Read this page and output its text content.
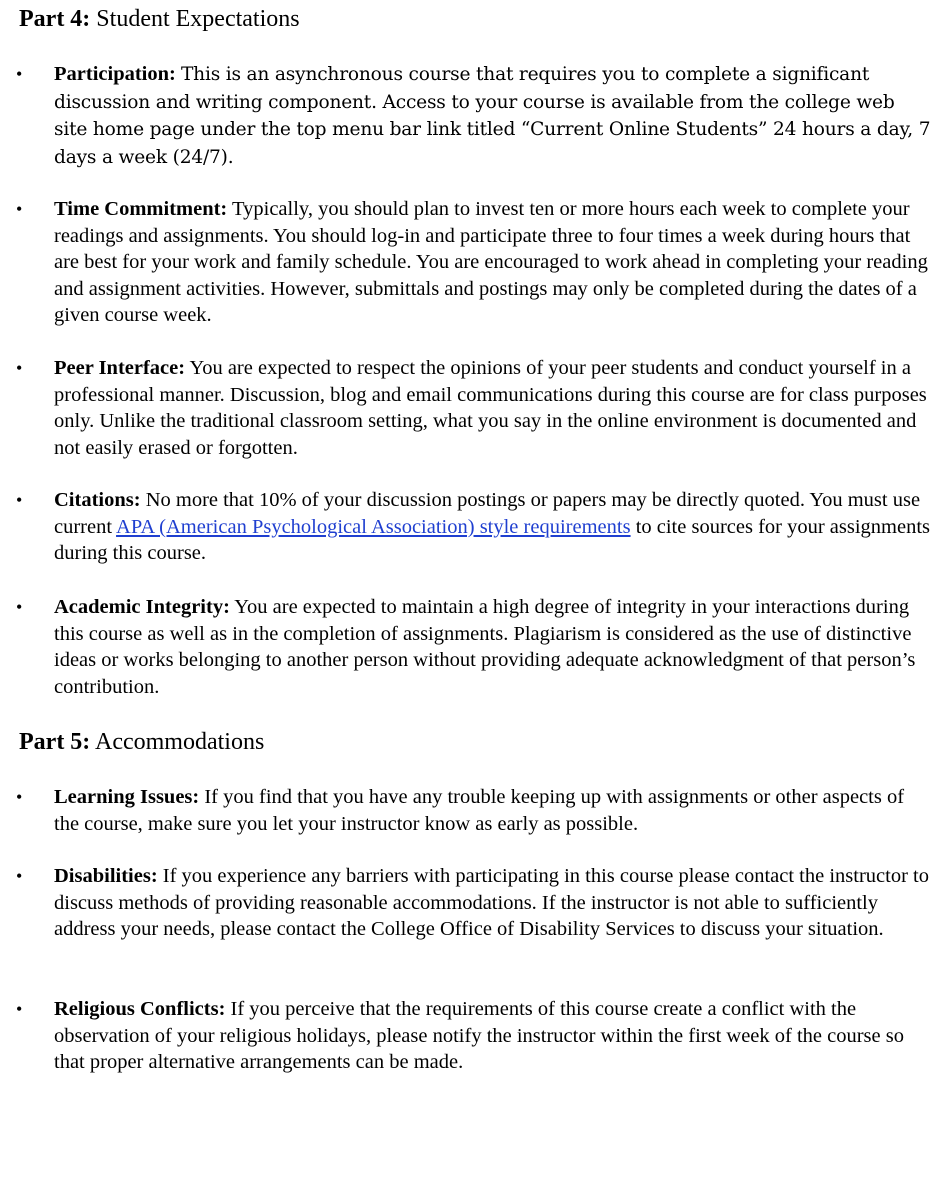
Part 4: Student Expectations
•	Participation: This is an asynchronous course that requires you to complete a significant discussion and writing component. Access to your course is available from the college web site home page under the top menu bar link titled “Current Online Students” 24 hours a day, 7 days a week (24/7).
•	Time Commitment: Typically, you should plan to invest ten or more hours each week to complete your readings and assignments. You should log-in and participate three to four times a week during hours that are best for your work and family schedule. You are encouraged to work ahead in completing your reading and assignment activities. However, submittals and postings may only be completed during the dates of a given course week.
•	Peer Interface: You are expected to respect the opinions of your peer students and conduct yourself in a professional manner. Discussion, blog and email communications during this course are for class purposes only. Unlike the traditional classroom setting, what you say in the online environment is documented and not easily erased or forgotten.
•	Citations: No more that 10% of your discussion postings or papers may be directly quoted. You must use current APA (American Psychological Association) style requirements to cite sources for your assignments during this course.
•	Academic Integrity: You are expected to maintain a high degree of integrity in your interactions during this course as well as in the completion of assignments. Plagiarism is considered as the use of distinctive ideas or works belonging to another person without providing adequate acknowledgment of that person’s contribution.
Part 5: Accommodations
•	Learning Issues: If you find that you have any trouble keeping up with assignments or other aspects of the course, make sure you let your instructor know as early as possible.
•	Disabilities: If you experience any barriers with participating in this course please contact the instructor to discuss methods of providing reasonable accommodations. If the instructor is not able to sufficiently address your needs, please contact the College Office of Disability Services to discuss your situation.
•	Religious Conflicts: If you perceive that the requirements of this course create a conflict with the observation of your religious holidays, please notify the instructor within the first week of the course so that proper alternative arrangements can be made.
